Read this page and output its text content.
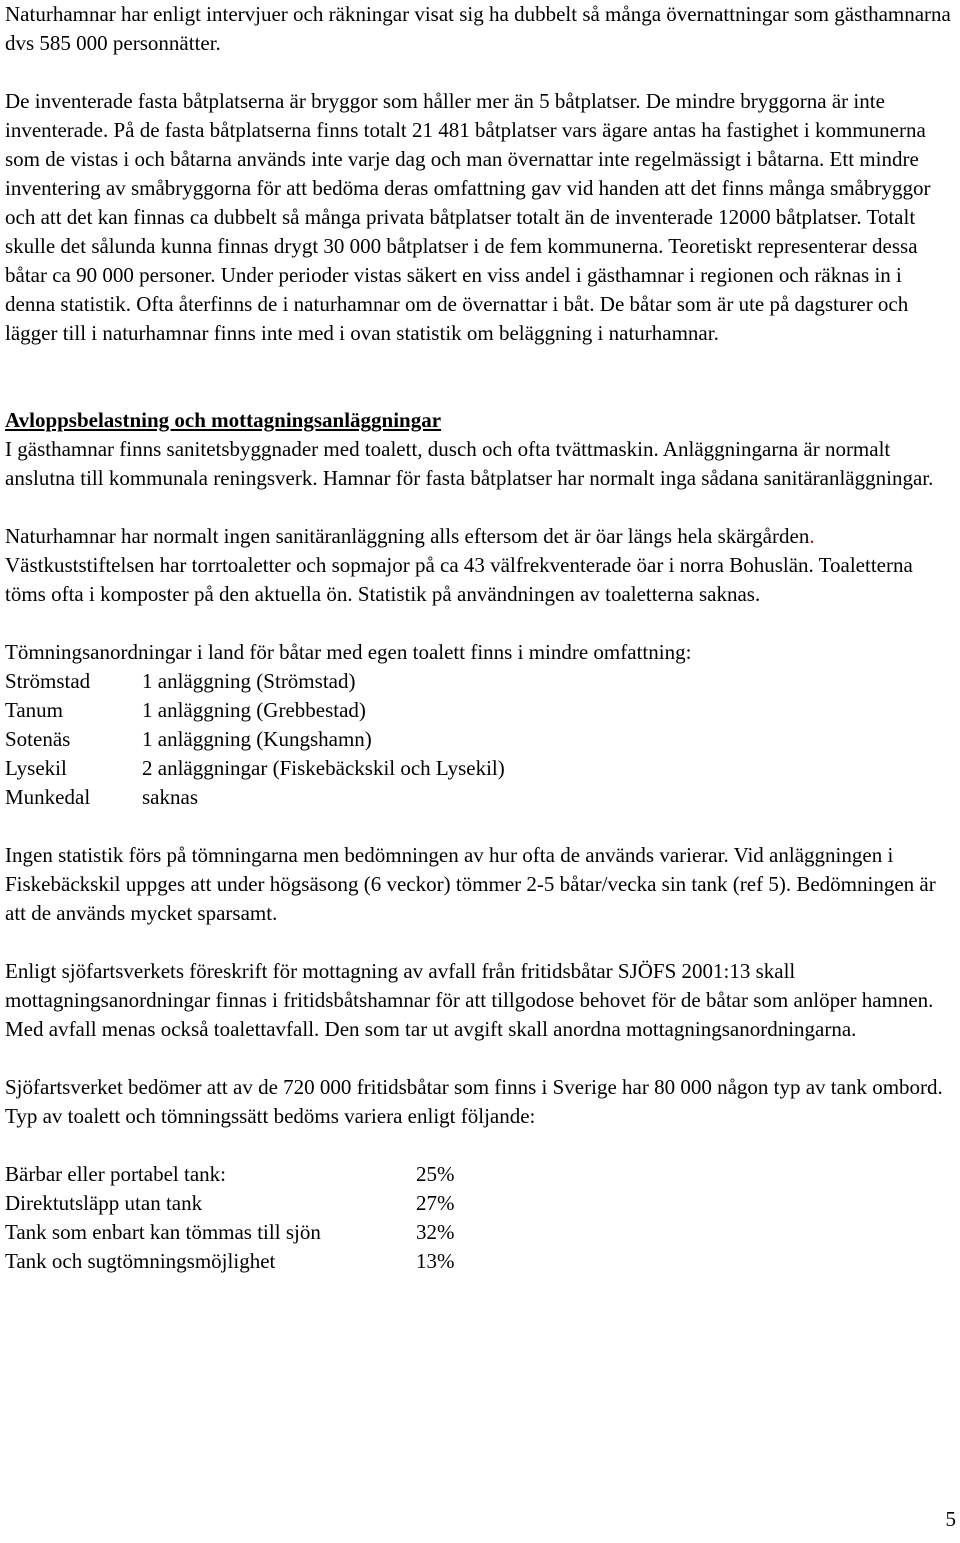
Naturhamnar har enligt intervjuer och räkningar visat sig ha dubbelt så många övernattningar som gästhamnarna dvs 585 000 personnätter.

De inventerade fasta båtplatserna är bryggor som håller mer än 5 båtplatser. De mindre bryggorna är inte inventerade. På de fasta båtplatserna finns totalt 21 481 båtplatser vars ägare antas ha fastighet i kommunerna som de vistas i och båtarna används inte varje dag och man övernattar inte regelmässigt i båtarna. Ett mindre inventering av småbryggorna för att bedöma deras omfattning gav vid handen att det finns många småbryggor och att det kan finnas ca dubbelt så många privata båtplatser totalt än de inventerade 12000 båtplatser. Totalt skulle det sålunda kunna finnas drygt 30 000 båtplatser i de fem kommunerna. Teoretiskt representerar dessa båtar ca 90 000 personer. Under perioder vistas säkert en viss andel i gästhamnar i regionen och räknas in i denna statistik. Ofta återfinns de i naturhamnar om de övernattar i båt. De båtar som är ute på dagsturer och lägger till i naturhamnar finns inte med i ovan statistik om beläggning i naturhamnar.

Avloppsbelastning och mottagningsanläggningar

I gästhamnar finns sanitetsbyggnader med toalett, dusch och ofta tvättmaskin. Anläggningarna är normalt anslutna till kommunala reningsverk. Hamnar för fasta båtplatser har normalt inga sådana sanitäranläggningar.

Naturhamnar har normalt ingen sanitäranläggning alls eftersom det är öar längs hela skärgården. Västkuststiftelsen har torrtoaletter och sopmajor på ca 43 välfrekventerade öar i norra Bohuslän. Toaletterna töms ofta i komposter på den aktuella ön. Statistik på användningen av toaletterna saknas.

Tömningsanordningar i land för båtar med egen toalett finns i mindre omfattning:

Strömstad	1 anläggning (Strömstad)
Tanum	1 anläggning (Grebbestad)
Sotenäs	1 anläggning (Kungshamn)
Lysekil	2 anläggningar (Fiskebäckskil och Lysekil)
Munkedal	saknas

Ingen statistik förs på tömningarna men bedömningen av hur ofta de används varierar. Vid anläggningen i Fiskebäckskil uppges att under högsäsong (6 veckor) tömmer 2-5 båtar/vecka sin tank (ref 5). Bedömningen är att de används mycket sparsamt.

Enligt sjöfartsverkets föreskrift för mottagning av avfall från fritidsbåtar SJÖFS 2001:13 skall mottagningsanordningar finnas i fritidsbåtshamnar för att tillgodose behovet för de båtar som anlöper hamnen. Med avfall menas också toalettavfall. Den som tar ut avgift skall anordna mottagningsanordningarna.

Sjöfartsverket bedömer att av de 720 000 fritidsbåtar som finns i Sverige har 80 000 någon typ av tank ombord. Typ av toalett och tömningssätt bedöms variera enligt följande:

Bärbar eller portabel tank:	25%
Direktutsläpp utan tank	27%
Tank som enbart kan tömmas till sjön	32%
Tank och sugtömningsmöjlighet	13%
5
